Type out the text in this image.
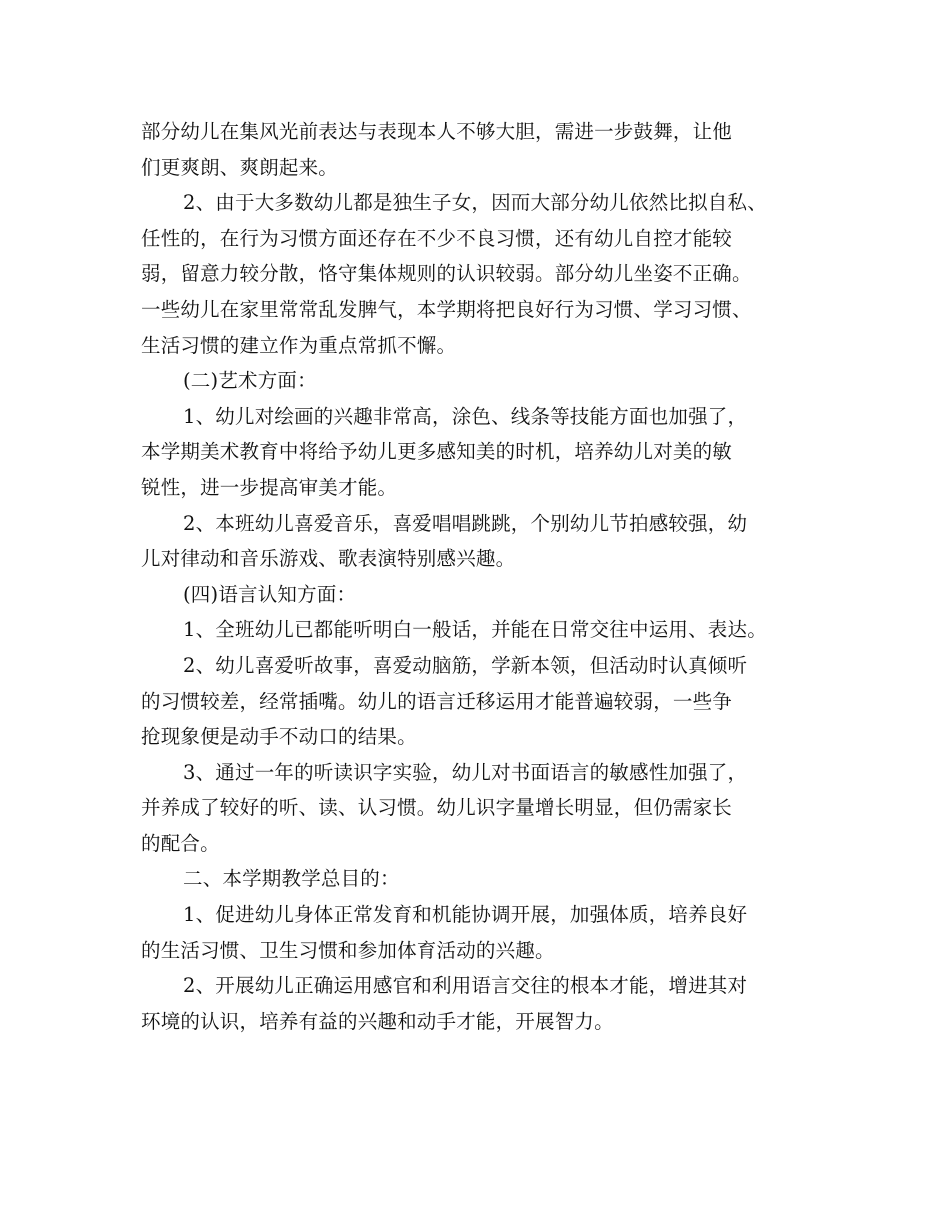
部分幼儿在集风光前表达与表现本人不够大胆，需进一步鼓舞，让他
们更爽朗、爽朗起来。
2、由于大多数幼儿都是独生子女，因而大部分幼儿依然比拟自私、
任性的，在行为习惯方面还存在不少不良习惯，还有幼儿自控才能较
弱，留意力较分散，恪守集体规则的认识较弱。部分幼儿坐姿不正确。
一些幼儿在家里常常乱发脾气，本学期将把良好行为习惯、学习习惯、
生活习惯的建立作为重点常抓不懈。
(二)艺术方面：
1、幼儿对绘画的兴趣非常高，涂色、线条等技能方面也加强了，
本学期美术教育中将给予幼儿更多感知美的时机，培养幼儿对美的敏
锐性，进一步提高审美才能。
2、本班幼儿喜爱音乐，喜爱唱唱跳跳，个别幼儿节拍感较强，幼
儿对律动和音乐游戏、歌表演特别感兴趣。
(四)语言认知方面：
1、全班幼儿已都能听明白一般话，并能在日常交往中运用、表达。
2、幼儿喜爱听故事，喜爱动脑筋，学新本领，但活动时认真倾听
的习惯较差，经常插嘴。幼儿的语言迁移运用才能普遍较弱，一些争
抢现象便是动手不动口的结果。
3、通过一年的听读识字实验，幼儿对书面语言的敏感性加强了，
并养成了较好的听、读、认习惯。幼儿识字量增长明显，但仍需家长
的配合。
二、本学期教学总目的：
1、促进幼儿身体正常发育和机能协调开展，加强体质，培养良好
的生活习惯、卫生习惯和参加体育活动的兴趣。
2、开展幼儿正确运用感官和利用语言交往的根本才能，增进其对
环境的认识，培养有益的兴趣和动手才能，开展智力。
